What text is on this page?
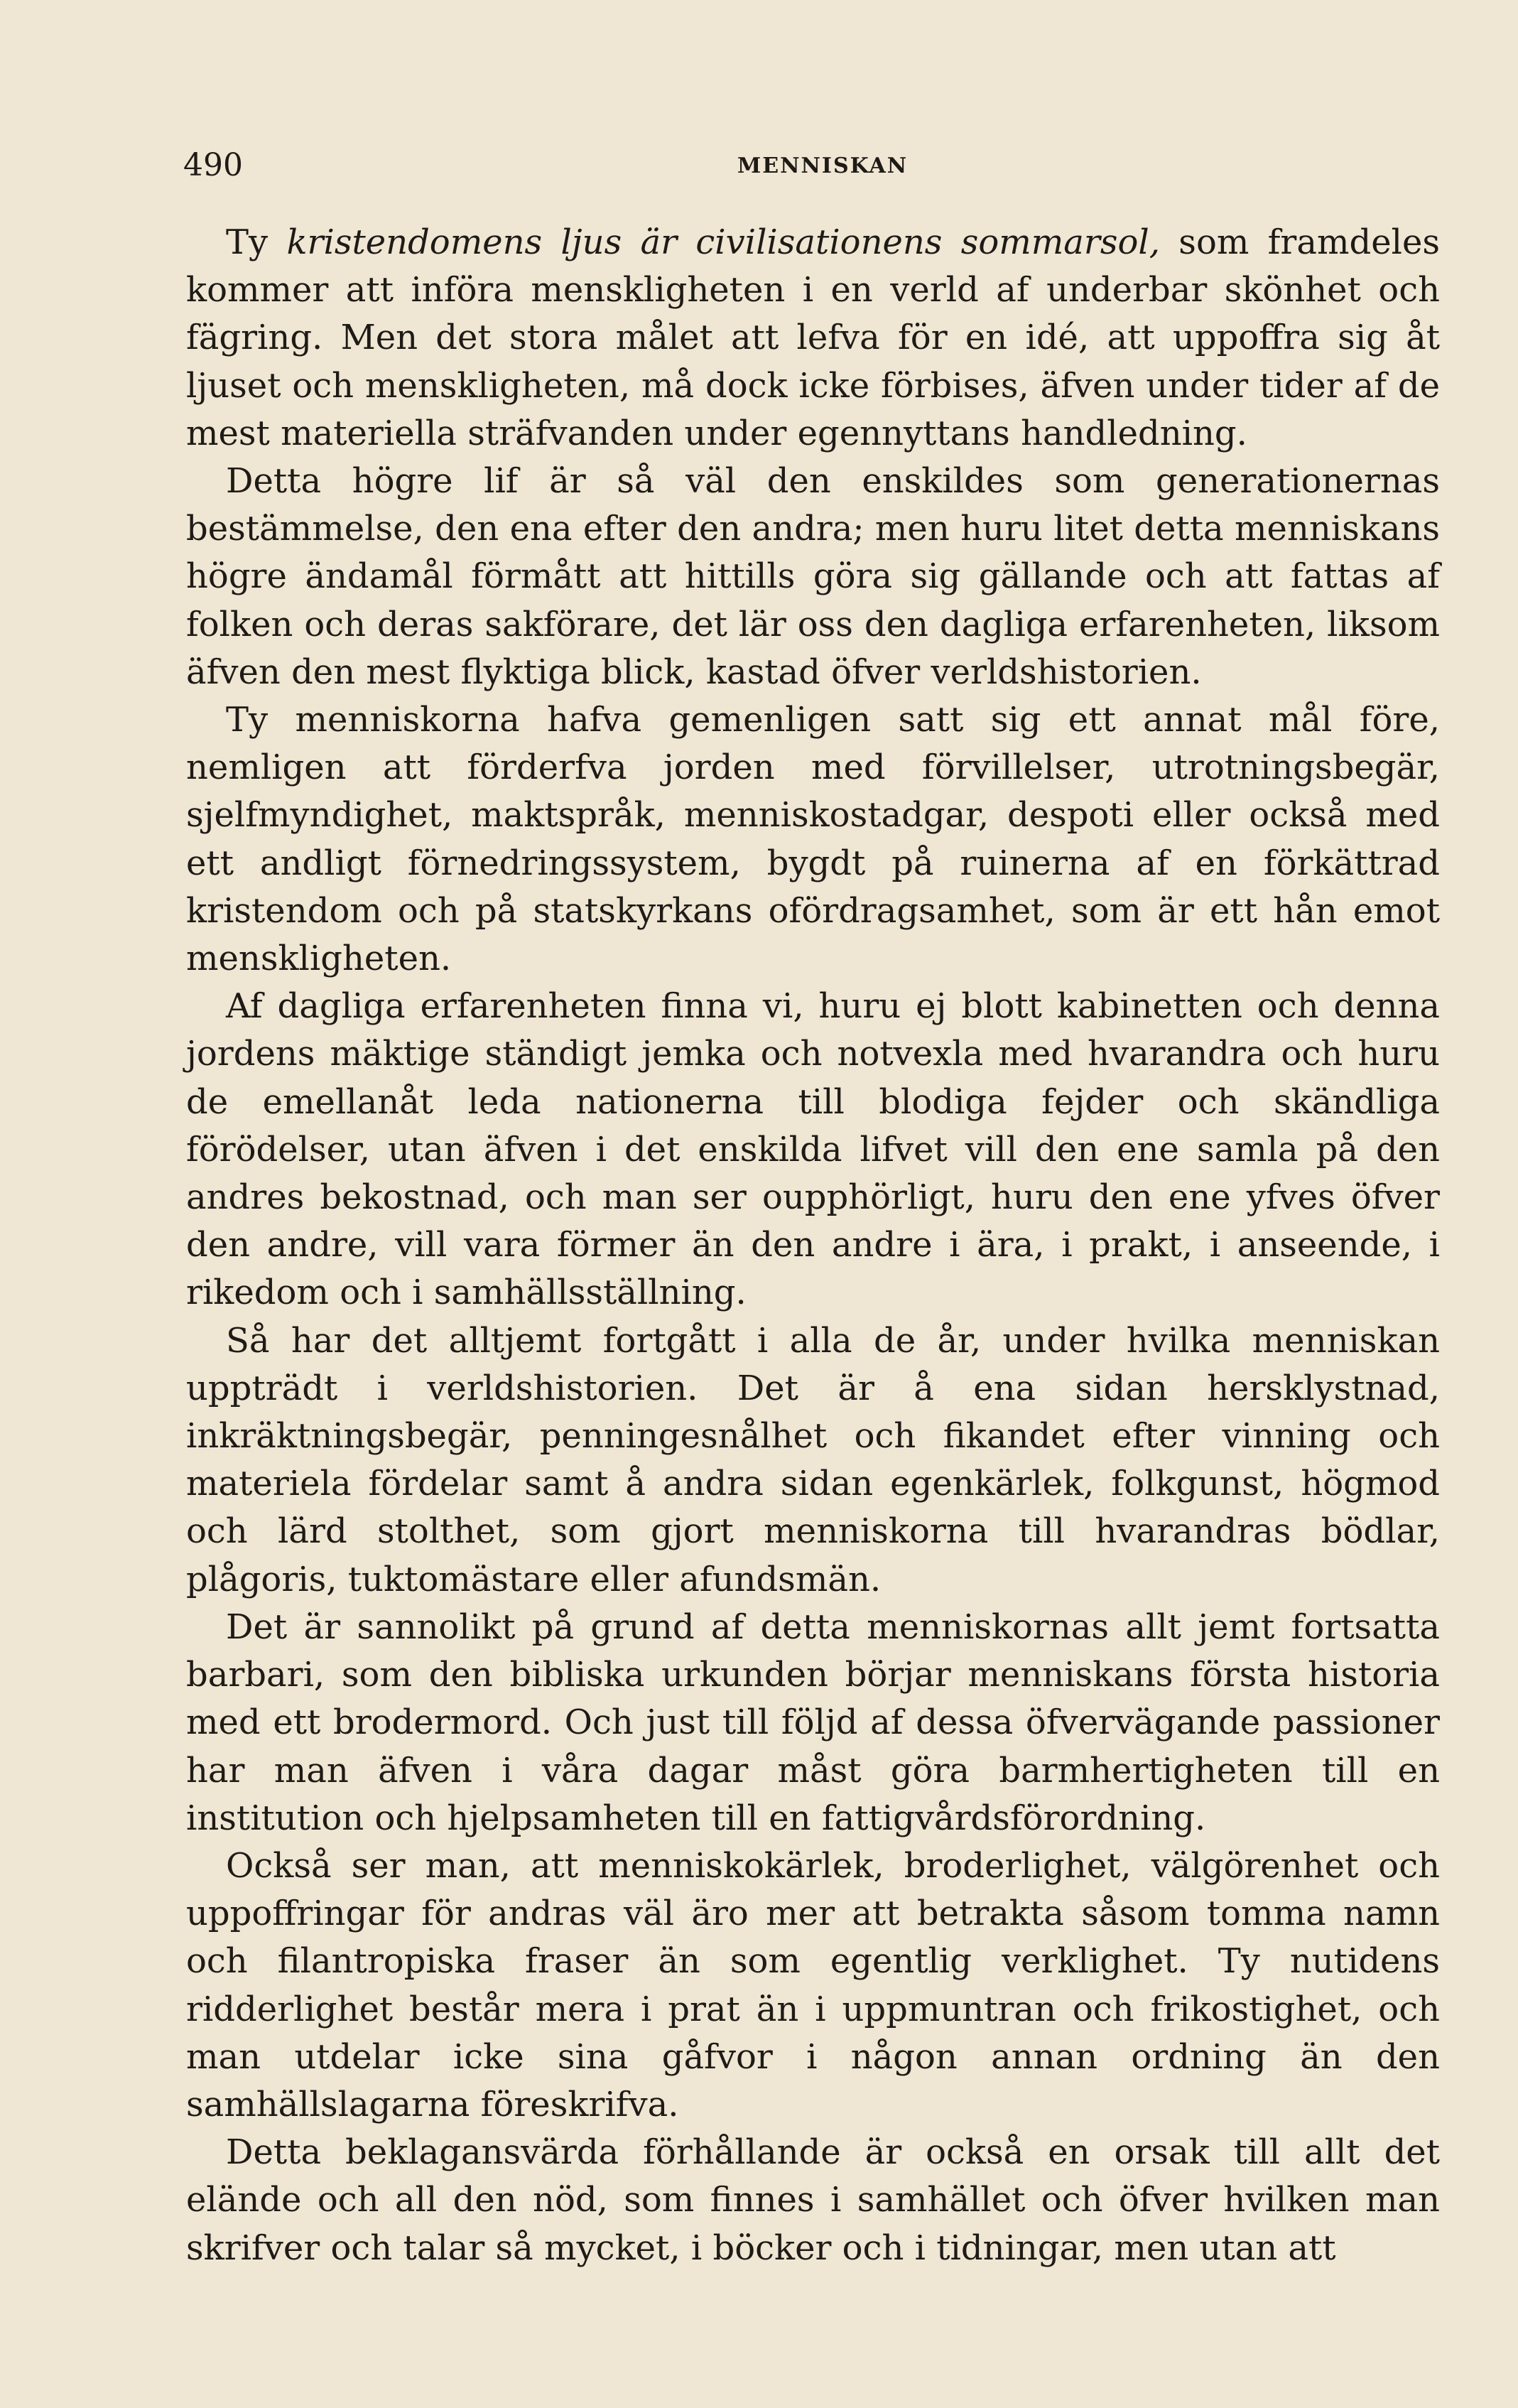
490	MENNISKAN

Ty kristendomens ljus är civilisationens sommarsol, som framdeles kommer att införa menskligheten i en verld af underbar skönhet och fägring. Men det stora målet att lefva för en idé, att uppoffra sig åt ljuset och menskligheten, må dock icke förbises, äfven under tider af de mest materiella sträfvanden under egennyttans handledning.

Detta högre lif är så väl den enskildes som generationernas bestämmelse, den ena efter den andra; men huru litet detta menniskans högre ändamål förmått att hittills göra sig gällande och att fattas af folken och deras sakförare, det lär oss den dagliga erfarenheten, liksom äfven den mest flyktiga blick, kastad öfver verldshistorien.

Ty menniskorna hafva gemenligen satt sig ett annat mål före, nemligen att förderfva jorden med förvillelser, utrotningsbegär, sjelfmyndighet, maktspråk, menniskostadgar, despoti eller också med ett andligt förnedringssystem, bygdt på ruinerna af en förkättrad kristendom och på statskyrkans ofördragsamhet, som är ett hån emot menskligheten.

Af dagliga erfarenheten finna vi, huru ej blott kabinetten och denna jordens mäktige ständigt jemka och notvexla med hvarandra och huru de emellanåt leda nationerna till blodiga fejder och skändliga förödelser, utan äfven i det enskilda lifvet vill den ene samla på den andres bekostnad, och man ser oupphörligt, huru den ene yfves öfver den andre, vill vara förmer än den andre i ära, i prakt, i anseende, i rikedom och i samhällsställning.

Så har det alltjemt fortgått i alla de år, under hvilka menniskan uppträdt i verldshistorien. Det är å ena sidan hersklystnad, inkräktningsbegär, penningesnålhet och fikandet efter vinning och materiela fördelar samt å andra sidan egenkärlek, folkgunst, högmod och lärd stolthet, som gjort menniskorna till hvarandras bödlar, plågoris, tuktomästare eller afundsmän.

Det är sannolikt på grund af detta menniskornas allt jemt fortsatta barbari, som den bibliska urkunden börjar menniskans första historia med ett brodermord. Och just till följd af dessa öfvervägande passioner har man äfven i våra dagar måst göra barmhertigheten till en institution och hjelpsamheten till en fattigvårdsförordning.

Också ser man, att menniskokärlek, broderlighet, välgörenhet och uppoffringar för andras väl äro mer att betrakta såsom tomma namn och filantropiska fraser än som egentlig verklighet. Ty nutidens ridderlighet består mera i prat än i uppmuntran och frikostighet, och man utdelar icke sina gåfvor i någon annan ordning än den samhällslagarna föreskrifva.

Detta beklagansvärda förhållande är också en orsak till allt det elände och all den nöd, som finnes i samhället och öfver hvilken man skrifver och talar så mycket, i böcker och i tidningar, men utan att
